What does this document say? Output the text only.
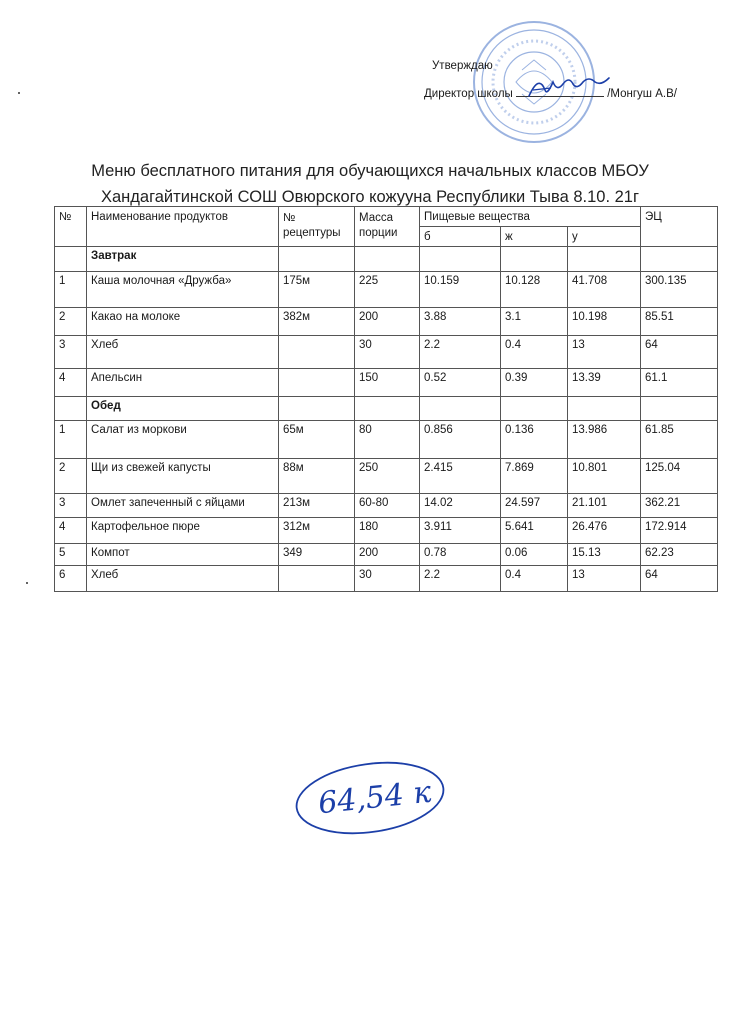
Утверждаю
Директор школы	/Монгуш А.В/
Меню бесплатного питания для обучающихся начальных классов МБОУ
Хандагайтинской СОШ Овюрского кожууна Республики Тыва 8.10. 21г
№	Наименование продуктов	№ рецептуры	Масса порции	Пищевые вещества			ЭЦ
				б	ж	у	
	Завтрак						
1	Каша молочная «Дружба»	175м	225	10.159	10.128	41.708	300.135
2	Какао на молоке	382м	200	3.88	3.1	10.198	85.51
3	Хлеб		30	2.2	0.4	13	64
4	Апельсин		150	0.52	0.39	13.39	61.1
	Обед						
1	Салат из моркови	65м	80	0.856	0.136	13.986	61.85
2	Щи из свежей капусты	88м	250	2.415	7.869	10.801	125.04
3	Омлет запеченный с яйцами	213м	60-80	14.02	24.597	21.101	362.21
4	Картофельное пюре	312м	180	3.911	5.641	26.476	172.914
5	Компот	349	200	0.78	0.06	15.13	62.23
6	Хлеб		30	2.2	0.4	13	64
64,54 к
